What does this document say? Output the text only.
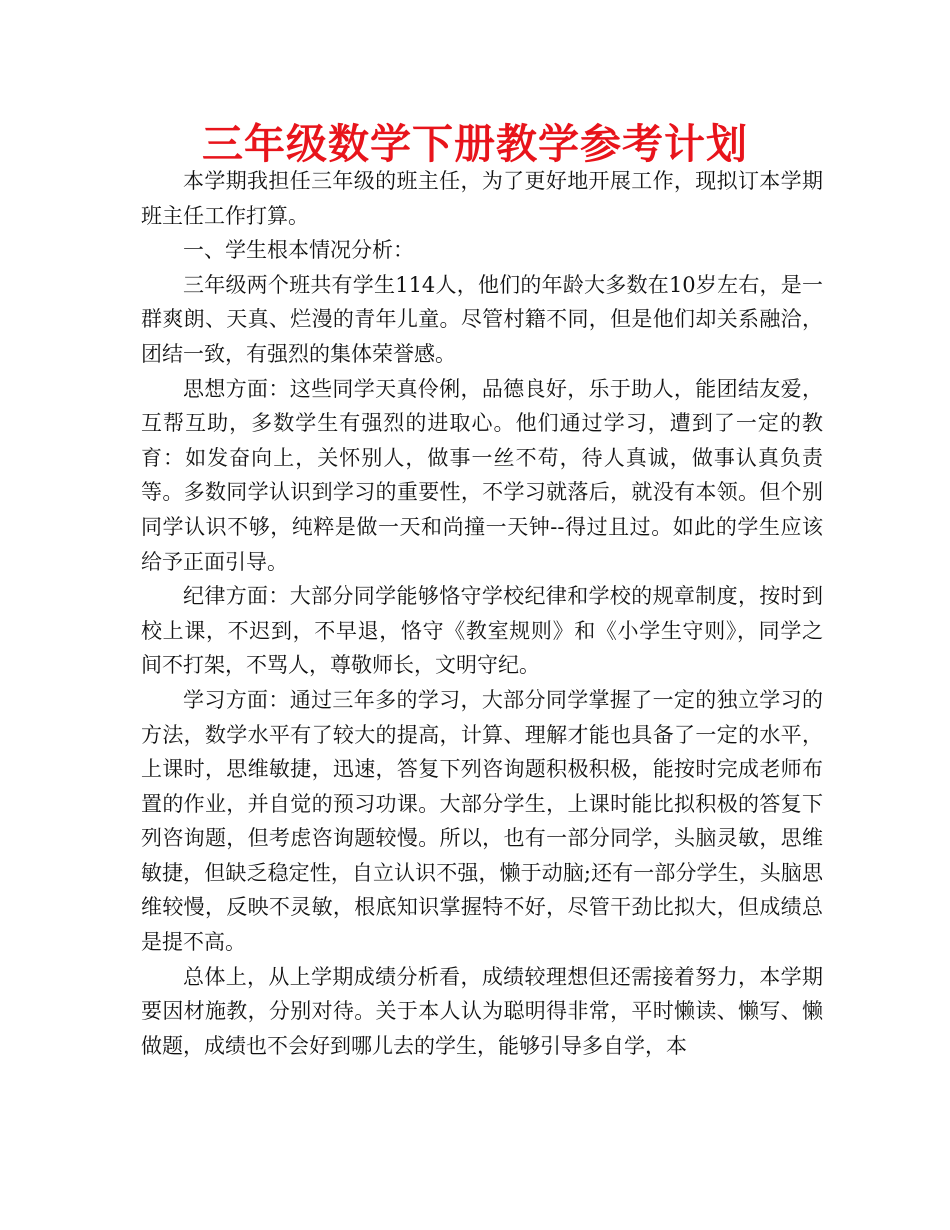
三年级数学下册教学参考计划

本学期我担任三年级的班主任，为了更好地开展工作，现拟订本学期班主任工作打算。

一、学生根本情况分析：

三年级两个班共有学生114人，他们的年龄大多数在10岁左右，是一群爽朗、天真、烂漫的青年儿童。尽管村籍不同，但是他们却关系融洽，团结一致，有强烈的集体荣誉感。

思想方面：这些同学天真伶俐，品德良好，乐于助人，能团结友爱，互帮互助，多数学生有强烈的进取心。他们通过学习，遭到了一定的教育：如发奋向上，关怀别人，做事一丝不苟，待人真诚，做事认真负责等。多数同学认识到学习的重要性，不学习就落后，就没有本领。但个别同学认识不够，纯粹是做一天和尚撞一天钟--得过且过。如此的学生应该给予正面引导。

纪律方面：大部分同学能够恪守学校纪律和学校的规章制度，按时到校上课，不迟到，不早退，恪守《教室规则》和《小学生守则》，同学之间不打架，不骂人，尊敬师长，文明守纪。

学习方面：通过三年多的学习，大部分同学掌握了一定的独立学习的方法，数学水平有了较大的提高，计算、理解才能也具备了一定的水平，上课时，思维敏捷，迅速，答复下列咨询题积极积极，能按时完成老师布置的作业，并自觉的预习功课。大部分学生，上课时能比拟积极的答复下列咨询题，但考虑咨询题较慢。所以，也有一部分同学，头脑灵敏，思维敏捷，但缺乏稳定性，自立认识不强，懒于动脑;还有一部分学生，头脑思维较慢，反映不灵敏，根底知识掌握特不好，尽管干劲比拟大，但成绩总是提不高。

总体上，从上学期成绩分析看，成绩较理想但还需接着努力，本学期要因材施教，分别对待。关于本人认为聪明得非常，平时懒读、懒写、懒做题，成绩也不会好到哪儿去的学生，能够引导多自学，本
